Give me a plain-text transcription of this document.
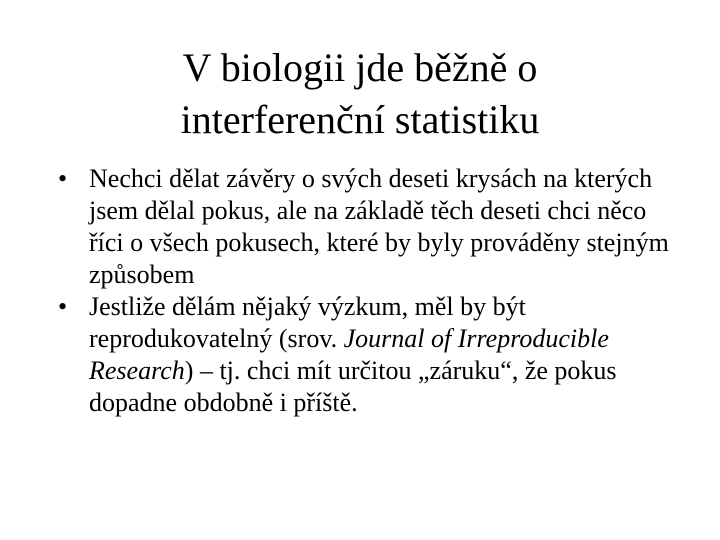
V biologii jde běžně o
interferenční statistiku
• Nechci dělat závěry o svých deseti krysách na kterých jsem dělal pokus, ale na základě těch deseti chci něco říci o všech pokusech, které by byly prováděny stejným způsobem
• Jestliže dělám nějaký výzkum, měl by být reprodukovatelný (srov. Journal of Irreproducible Research) – tj. chci mít určitou „záruku“, že pokus dopadne obdobně i příště.
